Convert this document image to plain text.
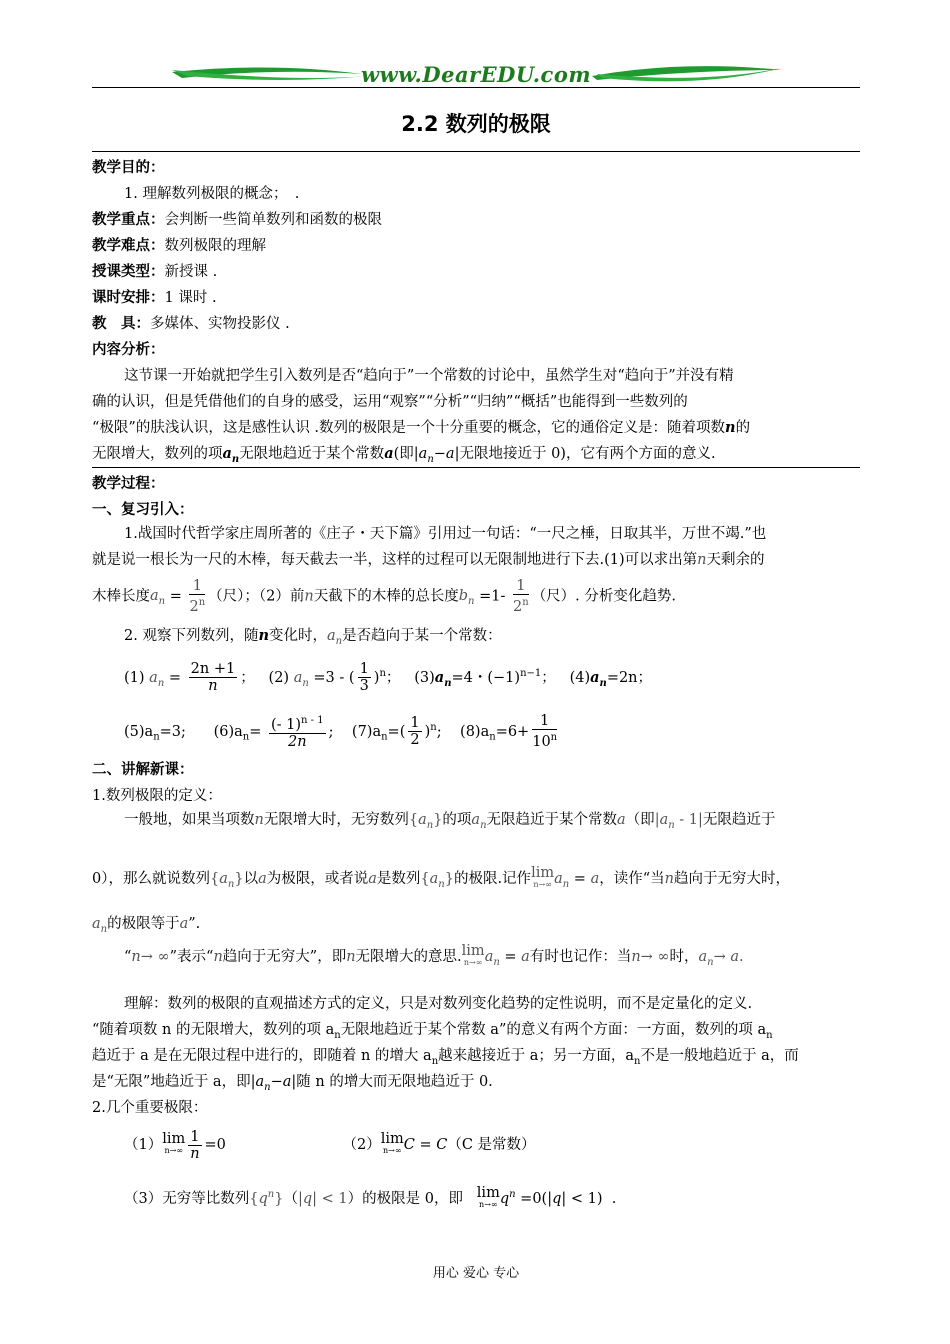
www.DearEDU.com
2.2 数列的极限
教学目的：
1. 理解数列极限的概念；　.
教学重点：会判断一些简单数列和函数的极限
教学难点：数列极限的理解
授课类型：新授课 .
课时安排：1 课时 .
教　具：多媒体、实物投影仪 .
内容分析：
这节课一开始就把学生引入数列是否“趋向于”一个常数的讨论中，虽然学生对“趋向于”并没有精
确的认识，但是凭借他们的自身的感受，运用“观察”“分析”“归纳”“概括”也能得到一些数列的
“极限”的肤浅认识，这是感性认识 .数列的极限是一个十分重要的概念，它的通俗定义是：随着项数n的
无限增大，数列的项$a_n$无限地趋近于某个常数a(即$|a_n-a|$无限地接近于 0)，它有两个方面的意义.
教学过程：
一、复习引入：
1.战国时代哲学家庄周所著的《庄子・天下篇》引用过一句话：“一尺之棰，日取其半，万世不竭.”也
就是说一根长为一尺的木棒，每天截去一半，这样的过程可以无限制地进行下去.(1)可以求出第n天剩余的
木棒长度$a_n = \frac{1}{2^n}$ （尺）；（2）前n天截下的木棒的总长度$b_n =1- \frac{1}{2^n}$ （尺）. 分析变化趋势.
2. 观察下列数列，随n变化时，$a_n$是否趋向于某一个常数：
(1) $a_n = \frac{2n +1}{n}$ ；   (2) $a_n =3$ - ( $\frac{1}{3} )^n$；   $(3)a_n=4$・$(-1)^{n-1}$；   $(4)a_n=2n$；
$(5)a_n=3$; $(6)a_n= \frac{(- 1)^{n - 1}}{2n}$ ;    $(7)a_n=( \frac{1}{2} )^n$;    $(8)a_n=6+ \frac{1}{10^n}$
二、讲解新课：
1.数列极限的定义：
一般地，如果当项数n无限增大时，无穷数列$\{a_n\}$的项$a_n$无限趋近于某个常数a（即$|a_n - 1|$无限趋近于
0），那么就说数列$\{a_n\}$以a为极限，或者说a是数列$\{a_n\}$的极限.记作lim
n→∞ $a_n = a$，读作“当n趋向于无穷大时，
$a_n$的极限等于a”.
“n→ ∞”表示“n趋向于无穷大”，即n无限增大的意思.lim
n→∞ $a_n = a$有时也记作：当n→ ∞时，$a_n\to a$.
理解：数列的极限的直观描述方式的定义，只是对数列变化趋势的定性说明，而不是定量化的定义.
“随着项数 n 的无限增大，数列的项 $a_n$无限地趋近于某个常数 a”的意义有两个方面：一方面，数列的项 $a_n$
趋近于 a 是在无限过程中进行的，即随着 n 的增大 $a_n$越来越接近于 a；另一方面，$a_n$不是一般地趋近于 a，而
是“无限”地趋近于 a，即$|a_n-a|$随 n 的增大而无限地趋近于 0.
2.几个重要极限：
（1）lim
$n\to\infty \frac{1}{n} =0$	（2）lim
n→∞ C = C（C 是常数）
（3）无穷等比数列$\{q^n\}(|q| < 1)$的极限是 0，即 lim
n→∞ $q^n =0(|q| < 1)$  .
用心 爱心 专心
